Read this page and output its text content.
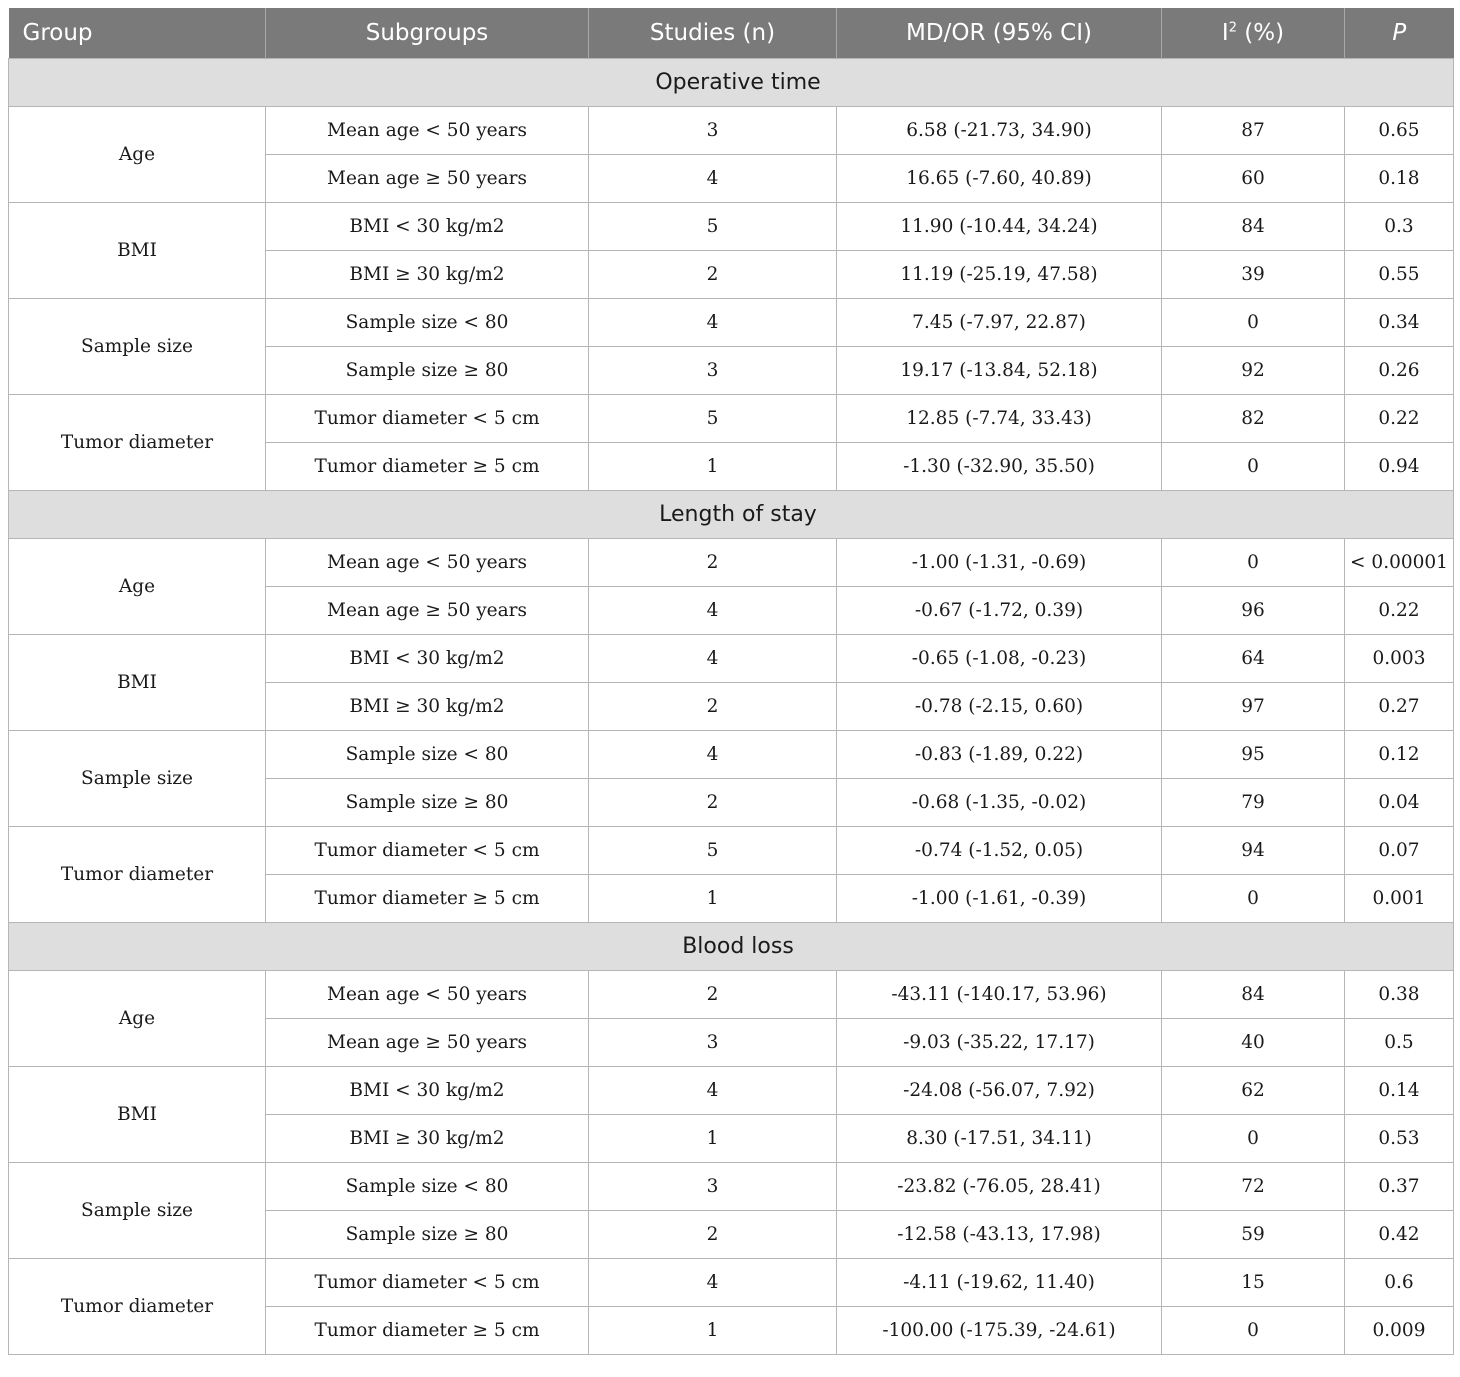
Group	Subgroups	Studies (n)	MD/OR (95% CI)	$I^2$ (%)	P
Operative time					
Age	Mean age < 50 years	3	6.58 (-21.73, 34.90)	87	0.65
	Mean age ≥ 50 years	4	16.65 (-7.60, 40.89)	60	0.18
BMI	BMI < 30 kg/m2	5	11.90 (-10.44, 34.24)	84	0.3
	BMI ≥ 30 kg/m2	2	11.19 (-25.19, 47.58)	39	0.55
Sample size	Sample size < 80	4	7.45 (-7.97, 22.87)	0	0.34
	Sample size ≥ 80	3	19.17 (-13.84, 52.18)	92	0.26
Tumor diameter	Tumor diameter < 5 cm	5	12.85 (-7.74, 33.43)	82	0.22
	Tumor diameter ≥ 5 cm	1	-1.30 (-32.90, 35.50)	0	0.94
Length of stay					
Age	Mean age < 50 years	2	-1.00 (-1.31, -0.69)	0	< 0.00001
	Mean age ≥ 50 years	4	-0.67 (-1.72, 0.39)	96	0.22
BMI	BMI < 30 kg/m2	4	-0.65 (-1.08, -0.23)	64	0.003
	BMI ≥ 30 kg/m2	2	-0.78 (-2.15, 0.60)	97	0.27
Sample size	Sample size < 80	4	-0.83 (-1.89, 0.22)	95	0.12
	Sample size ≥ 80	2	-0.68 (-1.35, -0.02)	79	0.04
Tumor diameter	Tumor diameter < 5 cm	5	-0.74 (-1.52, 0.05)	94	0.07
	Tumor diameter ≥ 5 cm	1	-1.00 (-1.61, -0.39)	0	0.001
Blood loss					
Age	Mean age < 50 years	2	-43.11 (-140.17, 53.96)	84	0.38
	Mean age ≥ 50 years	3	-9.03 (-35.22, 17.17)	40	0.5
BMI	BMI < 30 kg/m2	4	-24.08 (-56.07, 7.92)	62	0.14
	BMI ≥ 30 kg/m2	1	8.30 (-17.51, 34.11)	0	0.53
Sample size	Sample size < 80	3	-23.82 (-76.05, 28.41)	72	0.37
	Sample size ≥ 80	2	-12.58 (-43.13, 17.98)	59	0.42
Tumor diameter	Tumor diameter < 5 cm	4	-4.11 (-19.62, 11.40)	15	0.6
	Tumor diameter ≥ 5 cm	1	-100.00 (-175.39, -24.61)	0	0.009
